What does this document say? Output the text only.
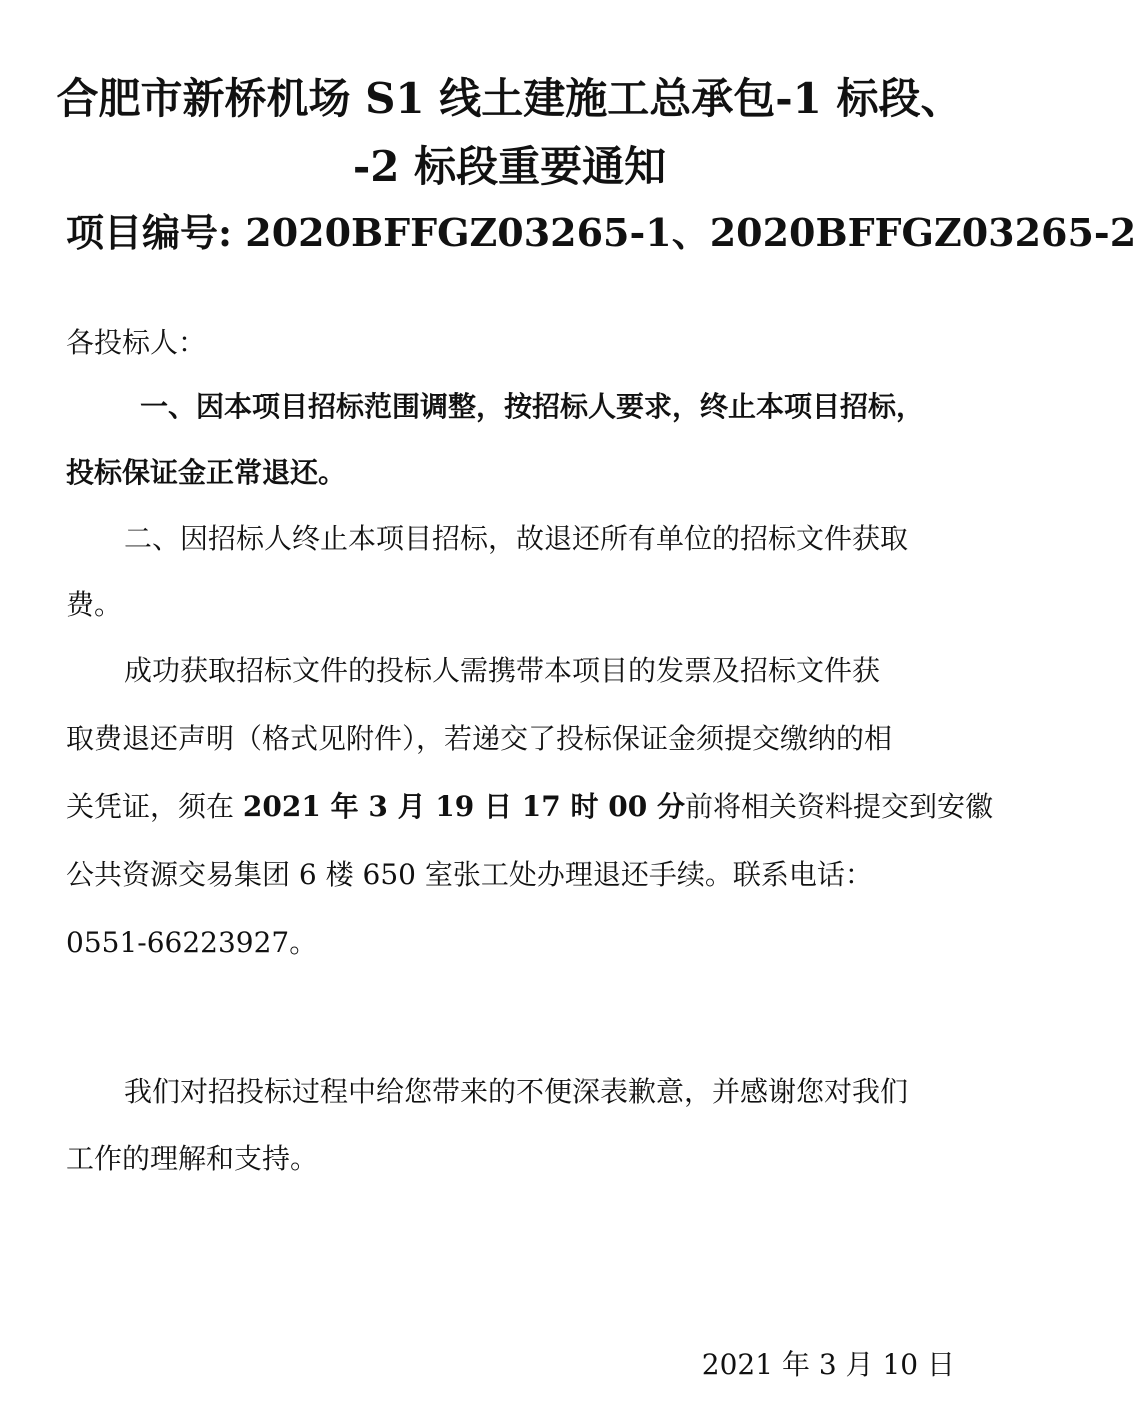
合肥市新桥机场 S1 线土建施工总承包-1 标段、
-2 标段重要通知

项目编号: 2020BFFGZ03265-1、2020BFFGZ03265-2

各投标人：

一、因本项目招标范围调整，按招标人要求，终止本项目招标，

投标保证金正常退还。

二、因招标人终止本项目招标，故退还所有单位的招标文件获取

费。

成功获取招标文件的投标人需携带本项目的发票及招标文件获

取费退还声明（格式见附件），若递交了投标保证金须提交缴纳的相

关凭证，须在 2021 年 3 月 19 日 17 时 00 分前将相关资料提交到安徽

公共资源交易集团 6 楼 650 室张工处办理退还手续。联系电话：

0551-66223927。

我们对招投标过程中给您带来的不便深表歉意，并感谢您对我们

工作的理解和支持。

2021 年 3 月 10 日
